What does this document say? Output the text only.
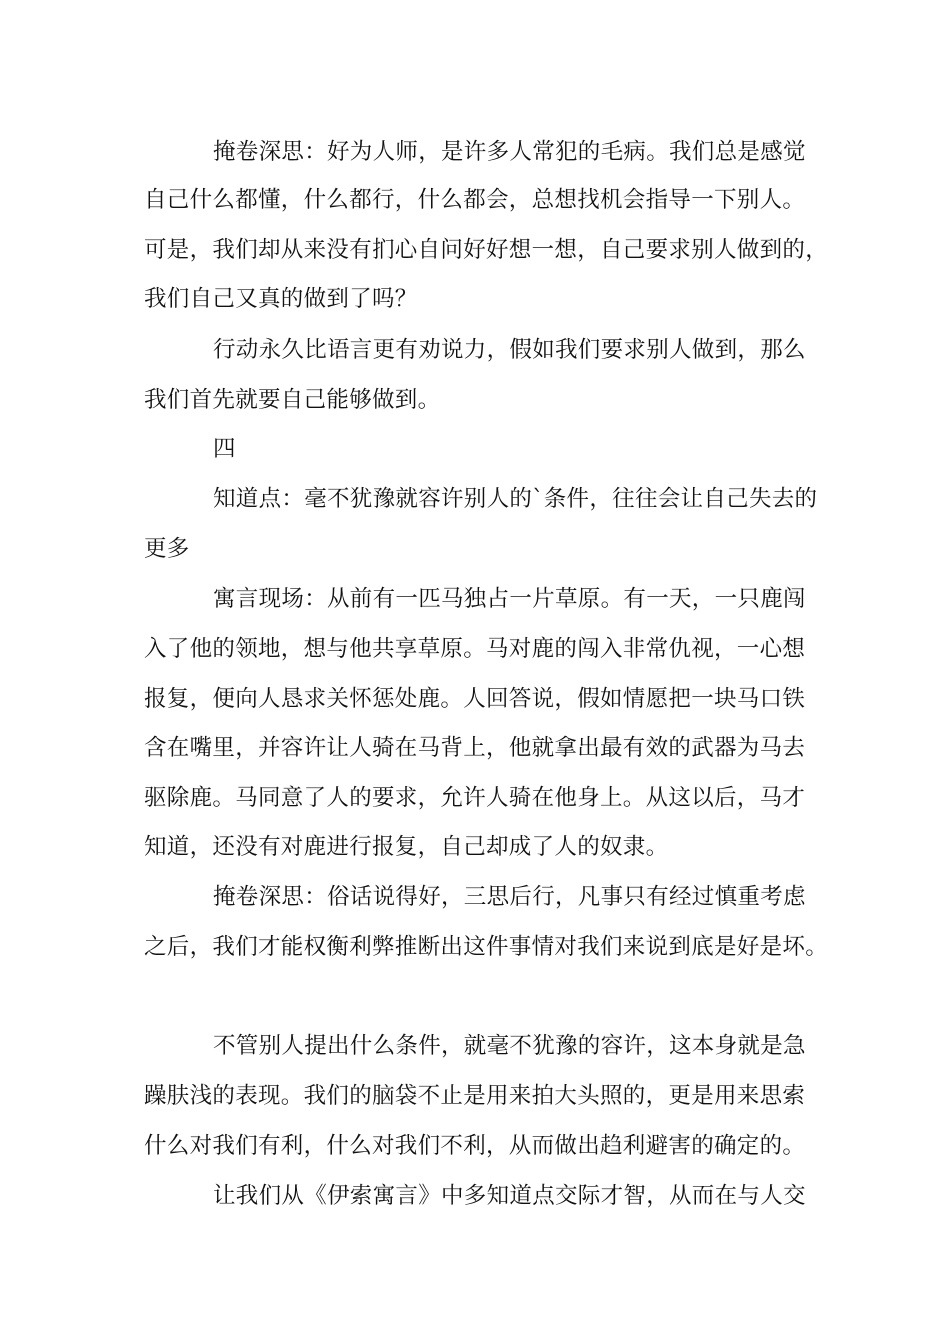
掩卷深思：好为人师，是许多人常犯的毛病。我们总是感觉
自己什么都懂，什么都行，什么都会，总想找机会指导一下别人。
可是，我们却从来没有扪心自问好好想一想，自己要求别人做到的，
我们自己又真的做到了吗？
行动永久比语言更有劝说力，假如我们要求别人做到，那么
我们首先就要自己能够做到。
四
知道点：毫不犹豫就容许别人的`条件，往往会让自己失去的
更多
寓言现场：从前有一匹马独占一片草原。有一天，一只鹿闯
入了他的领地，想与他共享草原。马对鹿的闯入非常仇视，一心想
报复，便向人恳求关怀惩处鹿。人回答说，假如情愿把一块马口铁
含在嘴里，并容许让人骑在马背上，他就拿出最有效的武器为马去
驱除鹿。马同意了人的要求，允许人骑在他身上。从这以后，马才
知道，还没有对鹿进行报复，自己却成了人的奴隶。
掩卷深思：俗话说得好，三思后行，凡事只有经过慎重考虑
之后，我们才能权衡利弊推断出这件事情对我们来说到底是好是坏。
不管别人提出什么条件，就毫不犹豫的容许，这本身就是急
躁肤浅的表现。我们的脑袋不止是用来拍大头照的，更是用来思索
什么对我们有利，什么对我们不利，从而做出趋利避害的确定的。
让我们从《伊索寓言》中多知道点交际才智，从而在与人交
